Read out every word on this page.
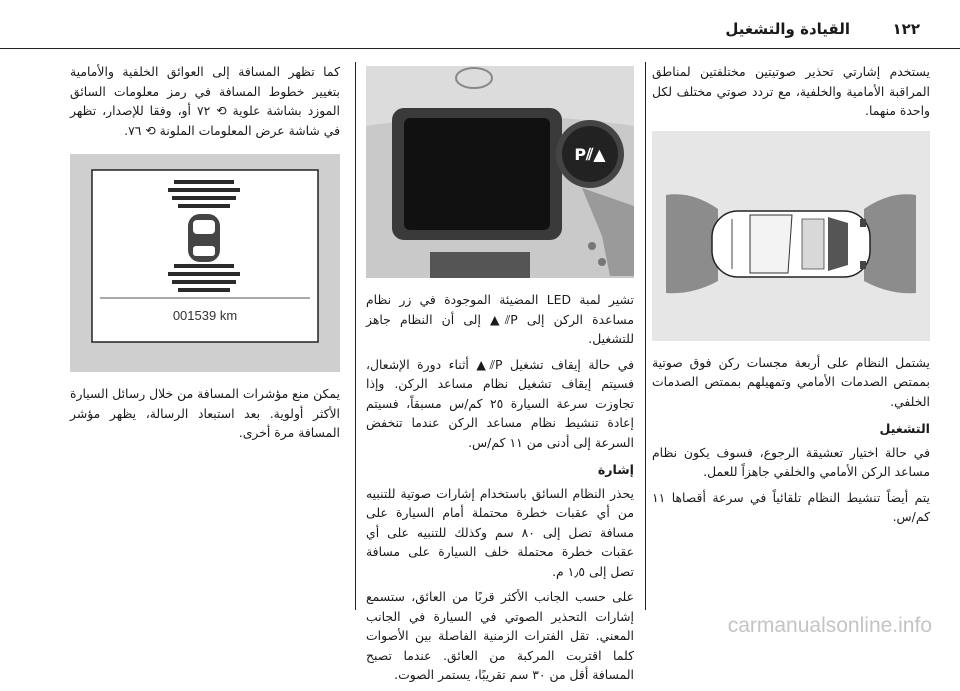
١٢٢
القيادة والتشغيل

يستخدم إشارتي تحذير صوتيتين مختلفتين لمناطق المراقبة الأمامية والخلفية، مع تردد صوتي مختلف لكل واحدة منهما.

يشتمل النظام على أربعة مجسات ركن فوق صوتية بممتص الصدمات الأمامي وتمهيلهم بممتص الصدمات الخلفي.

التشغيل

في حالة اختيار تعشيقة الرجوع، فسوف يكون نظام مساعد الركن الأمامي والخلفي جاهزاً للعمل.

يتم أيضاً تنشيط النظام تلقائياً في سرعة أقصاها ١١ كم/س.

P⫽▲

تشير لمبة LED المضيئة الموجودة في زر نظام مساعدة الركن إلى P⫽▲ إلى أن النظام جاهز للتشغيل.

في حالة إيقاف تشغيل P⫽▲ أثناء دورة الإشعال، فسيتم إيقاف تشغيل نظام مساعد الركن. وإذا تجاوزت سرعة السيارة ٢٥ كم/س مسبقاً، فسيتم إعادة تنشيط نظام مساعد الركن عندما تنخفض السرعة إلى أدنى من ١١ كم/س.

إشارة

يحذر النظام السائق باستخدام إشارات صوتية للتنبيه من أي عقبات خطرة محتملة أمام السيارة على مسافة تصل إلى ٨٠ سم وكذلك للتنبيه على أي عقبات خطرة محتملة خلف السيارة على مسافة تصل إلى ١٫٥ م.

على حسب الجانب الأكثر قربًا من العائق، ستسمع إشارات التحذير الصوتي في السيارة في الجانب المعني. تقل الفترات الزمنية الفاصلة بين الأصوات كلما اقتربت المركبة من العائق. عندما تصبح المسافة أقل من ٣٠ سم تقريبًا، يستمر الصوت.

كما تظهر المسافة إلى العوائق الخلفية والأمامية بتغيير خطوط المسافة في رمز معلومات السائق الموزد بشاشة علوية ⟲ ٧٢ أو، وفقا للإصدار، تظهر في شاشة عرض المعلومات الملونة ⟲ ٧٦.

001539 km

يمكن منع مؤشرات المسافة من خلال رسائل السيارة الأكثر أولوية. بعد استبعاد الرسالة، يظهر مؤشر المسافة مرة أخرى.

carmanualsonline.info
